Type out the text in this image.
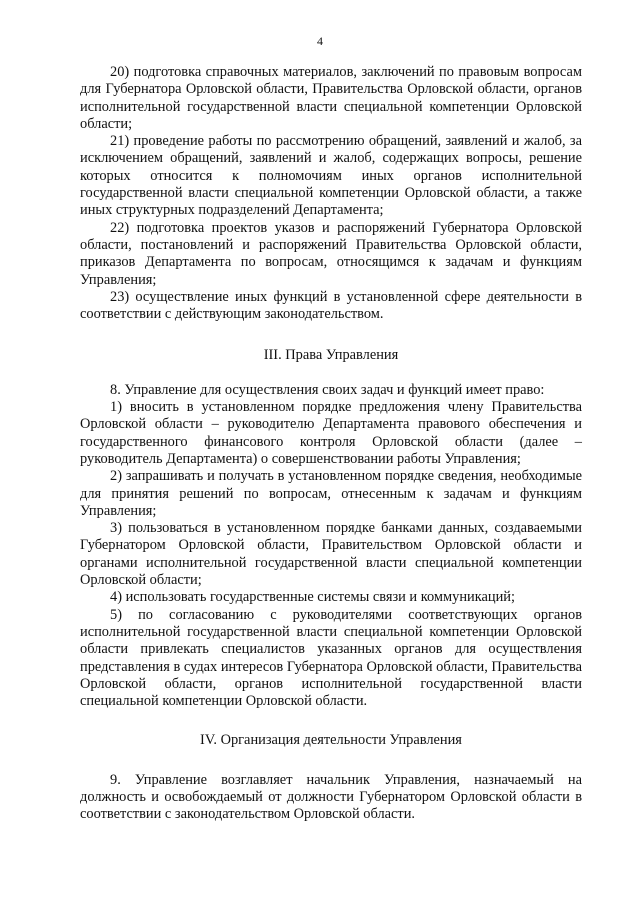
4

20) подготовка справочных материалов, заключений по правовым вопросам для Губернатора Орловской области, Правительства Орловской области, органов исполнительной государственной власти специальной компетенции Орловской области;

21) проведение работы по рассмотрению обращений, заявлений и жалоб, за исключением обращений, заявлений и жалоб, содержащих вопросы, решение которых относится к полномочиям иных органов исполнительной государственной власти специальной компетенции Орловской области, а также иных структурных подразделений Департамента;

22) подготовка проектов указов и распоряжений Губернатора Орловской области, постановлений и распоряжений Правительства Орловской области, приказов Департамента по вопросам, относящимся к задачам и функциям Управления;

23) осуществление иных функций в установленной сфере деятельности в соответствии с действующим законодательством.

III. Права Управления

8. Управление для осуществления своих задач и функций имеет право:

1) вносить в установленном порядке предложения члену Правительства Орловской области – руководителю Департамента правового обеспечения и государственного финансового контроля Орловской области (далее – руководитель Департамента) о совершенствовании работы Управления;

2) запрашивать и получать в установленном порядке сведения, необходимые для принятия решений по вопросам, отнесенным к задачам и функциям Управления;

3) пользоваться в установленном порядке банками данных, создаваемыми Губернатором Орловской области, Правительством Орловской области и органами исполнительной государственной власти специальной компетенции Орловской области;

4) использовать государственные системы связи и коммуникаций;

5) по согласованию с руководителями соответствующих органов исполнительной государственной власти специальной компетенции Орловской области привлекать специалистов указанных органов для осуществления представления в судах интересов Губернатора Орловской области, Правительства Орловской области, органов исполнительной государственной власти специальной компетенции Орловской области.

IV. Организация деятельности Управления

9. Управление возглавляет начальник Управления, назначаемый на должность и освобождаемый от должности Губернатором Орловской области в соответствии с законодательством Орловской области.
